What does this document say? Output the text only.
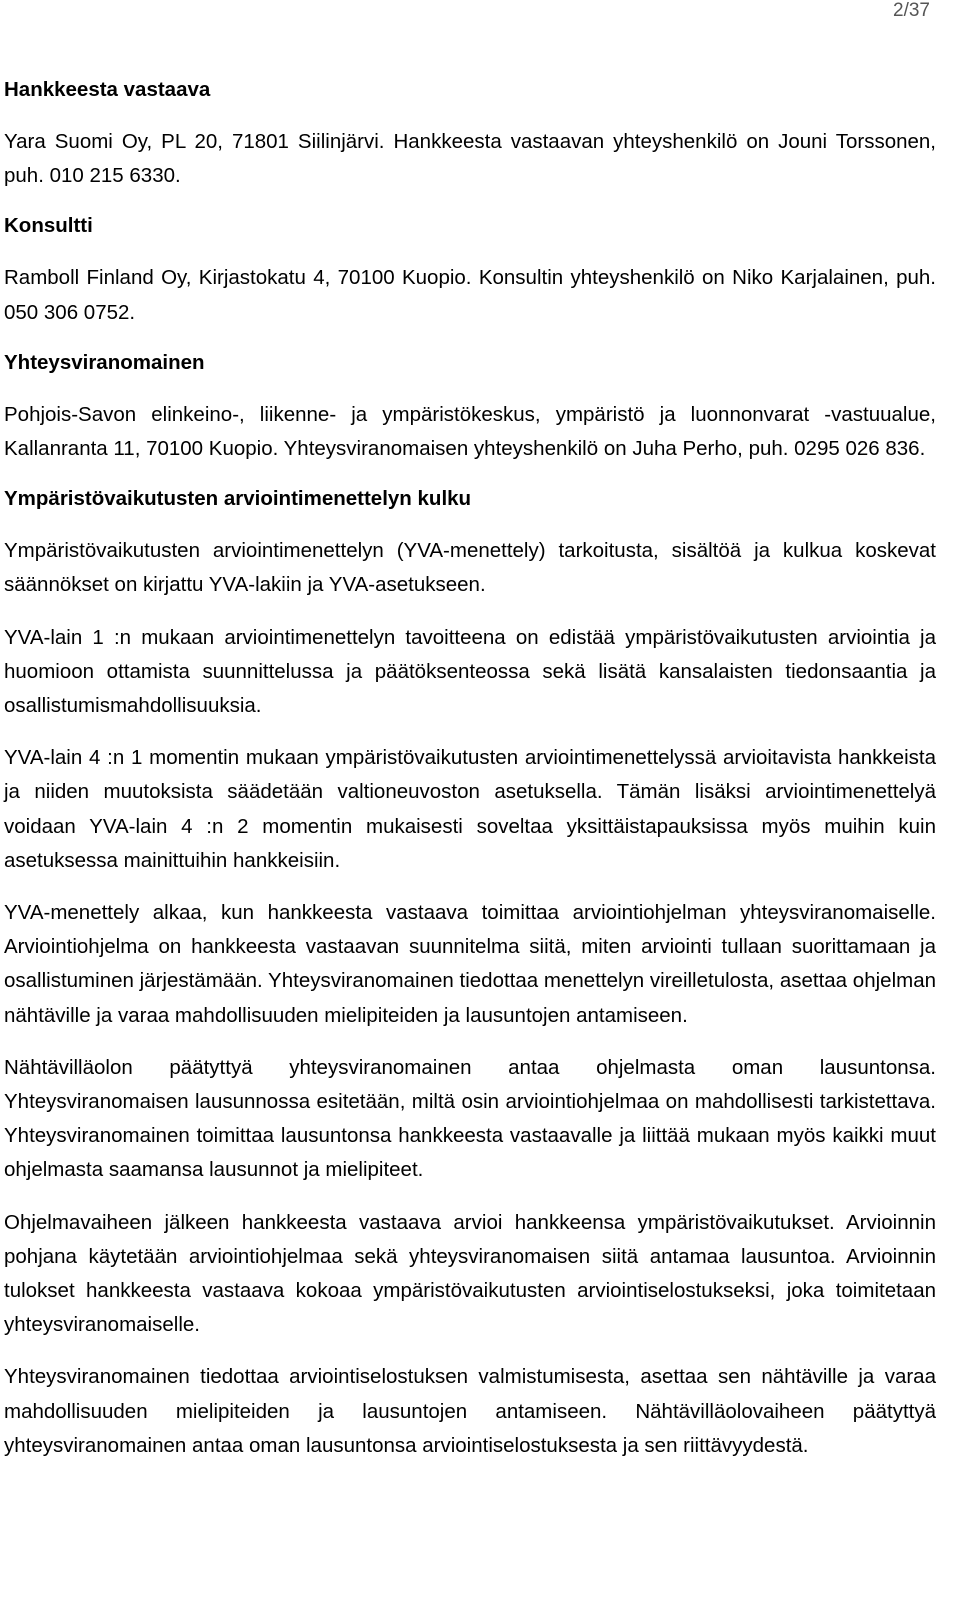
2/37
Hankkeesta vastaava

Yara Suomi Oy, PL 20, 71801 Siilinjärvi. Hankkeesta vastaavan yhteyshenkilö on Jouni Torssonen, puh. 010 215 6330.

Konsultti

Ramboll Finland Oy, Kirjastokatu 4, 70100 Kuopio. Konsultin yhteyshenkilö on Niko Karjalainen, puh. 050 306 0752.

Yhteysviranomainen

Pohjois-Savon elinkeino-, liikenne- ja ympäristökeskus, ympäristö ja luonnonvarat -vastuualue, Kallanranta 11, 70100 Kuopio. Yhteysviranomaisen yhteyshenkilö on Juha Perho, puh. 0295 026 836.

Ympäristövaikutusten arviointimenettelyn kulku

Ympäristövaikutusten arviointimenettelyn (YVA-menettely) tarkoitusta, sisältöä ja kulkua koskevat säännökset on kirjattu YVA-lakiin ja YVA-asetukseen.

YVA-lain 1 :n mukaan arviointimenettelyn tavoitteena on edistää ympäristövaikutusten arviointia ja huomioon ottamista suunnittelussa ja päätöksenteossa sekä lisätä kansalaisten tiedonsaantia ja osallistumismahdollisuuksia.

YVA-lain 4 :n 1 momentin mukaan ympäristövaikutusten arviointimenettelyssä arvioitavista hankkeista ja niiden muutoksista säädetään valtioneuvoston asetuksella. Tämän lisäksi arviointimenettelyä voidaan YVA-lain 4 :n 2 momentin mukaisesti soveltaa yksittäistapauksissa myös muihin kuin asetuksessa mainittuihin hankkeisiin.

YVA-menettely alkaa, kun hankkeesta vastaava toimittaa arviointiohjelman yhteysviranomaiselle. Arviointiohjelma on hankkeesta vastaavan suunnitelma siitä, miten arviointi tullaan suorittamaan ja osallistuminen järjestämään. Yhteysviranomainen tiedottaa menettelyn vireilletulosta, asettaa ohjelman nähtäville ja varaa mahdollisuuden mielipiteiden ja lausuntojen antamiseen.

Nähtävilläolon päätyttyä yhteysviranomainen antaa ohjelmasta oman lausuntonsa. Yhteysviranomaisen lausunnossa esitetään, miltä osin arviointiohjelmaa on mahdollisesti tarkistettava. Yhteysviranomainen toimittaa lausuntonsa hankkeesta vastaavalle ja liittää mukaan myös kaikki muut ohjelmasta saamansa lausunnot ja mielipiteet.

Ohjelmavaiheen jälkeen hankkeesta vastaava arvioi hankkeensa ympäristövaikutukset. Arvioinnin pohjana käytetään arviointiohjelmaa sekä yhteysviranomaisen siitä antamaa lausuntoa. Arvioinnin tulokset hankkeesta vastaava kokoaa ympäristövaikutusten arviointiselostukseksi, joka toimitetaan yhteysviranomaiselle.

Yhteysviranomainen tiedottaa arviointiselostuksen valmistumisesta, asettaa sen nähtäville ja varaa mahdollisuuden mielipiteiden ja lausuntojen antamiseen. Nähtävilläolovaiheen päätyttyä yhteysviranomainen antaa oman lausuntonsa arviointiselostuksesta ja sen riittävyydestä.
